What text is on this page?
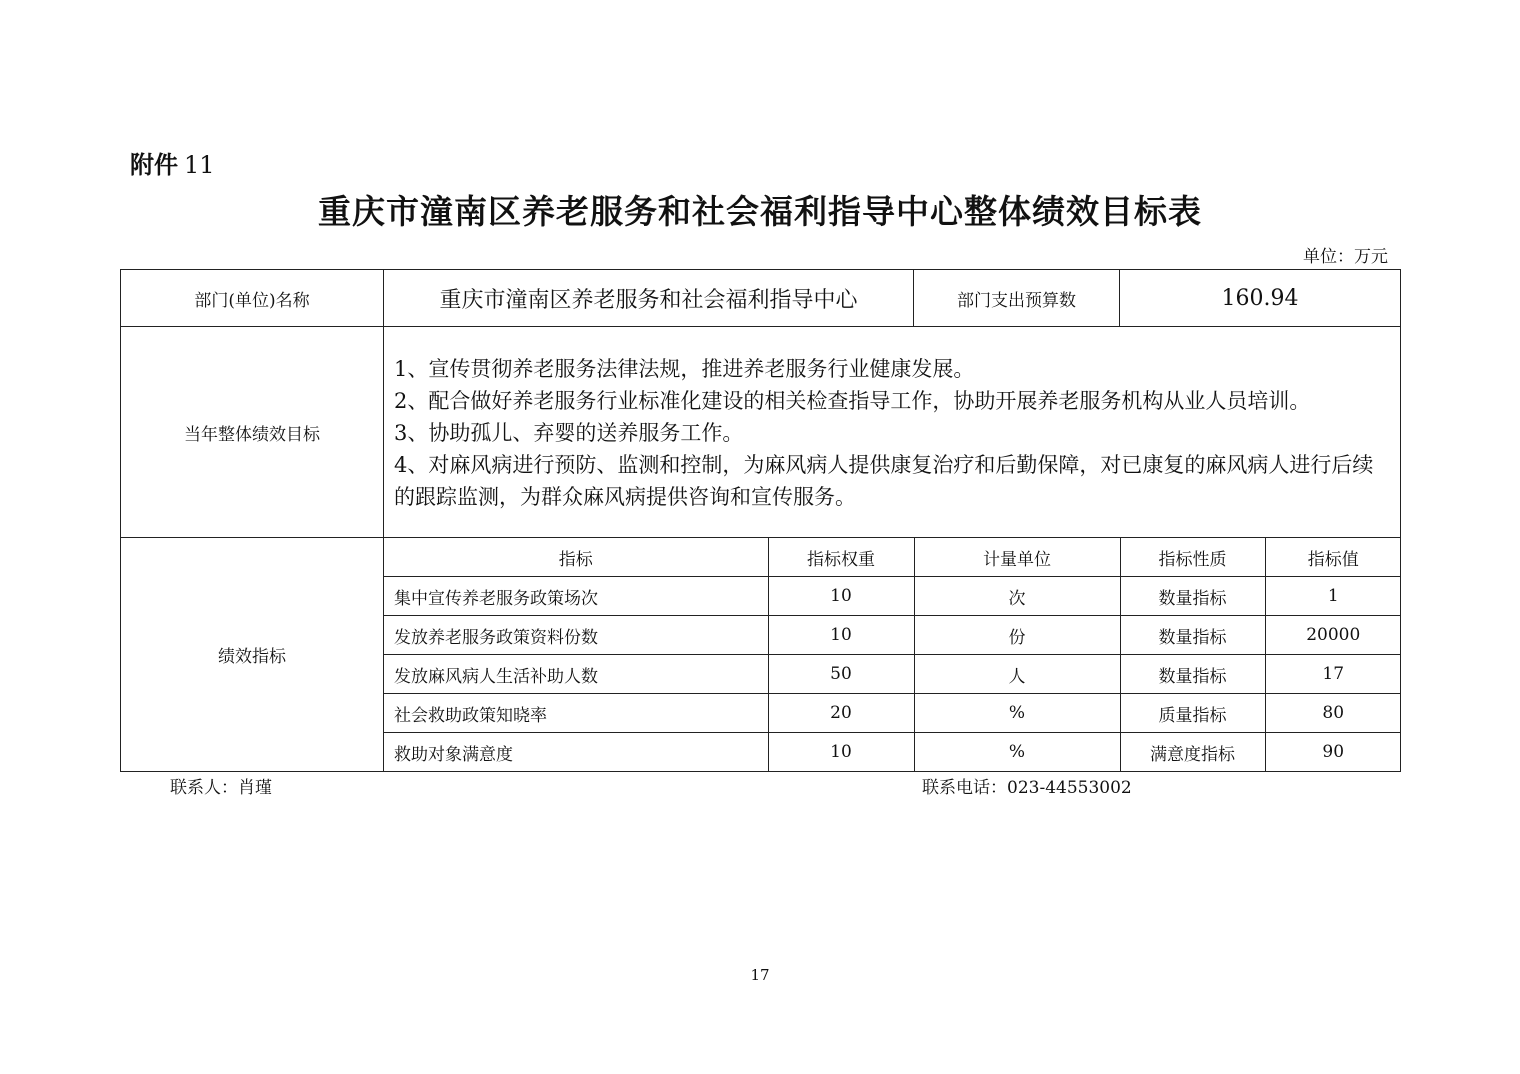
附件 11
重庆市潼南区养老服务和社会福利指导中心整体绩效目标表
单位：万元
部门(单位)名称	重庆市潼南区养老服务和社会福利指导中心	部门支出预算数	160.94
当年整体绩效目标	
1、宣传贯彻养老服务法律法规，推进养老服务行业健康发展。
2、配合做好养老服务行业标准化建设的相关检查指导工作，协助开展养老服务机构从业人员培训。
3、协助孤儿、弃婴的送养服务工作。
4、对麻风病进行预防、监测和控制，为麻风病人提供康复治疗和后勤保障，对已康复的麻风病人进行后续的跟踪监测，为群众麻风病提供咨询和宣传服务。

绩效指标	
指标	指标权重	计量单位	指标性质	指标值
集中宣传养老服务政策场次	10	次	数量指标	1
发放养老服务政策资料份数	10	份	数量指标	20000
发放麻风病人生活补助人数	50	人	数量指标	17
社会救助政策知晓率	20	%	质量指标	80
救助对象满意度	10	%	满意度指标	90
联系人：肖瑾	联系电话：023-44553002
17
